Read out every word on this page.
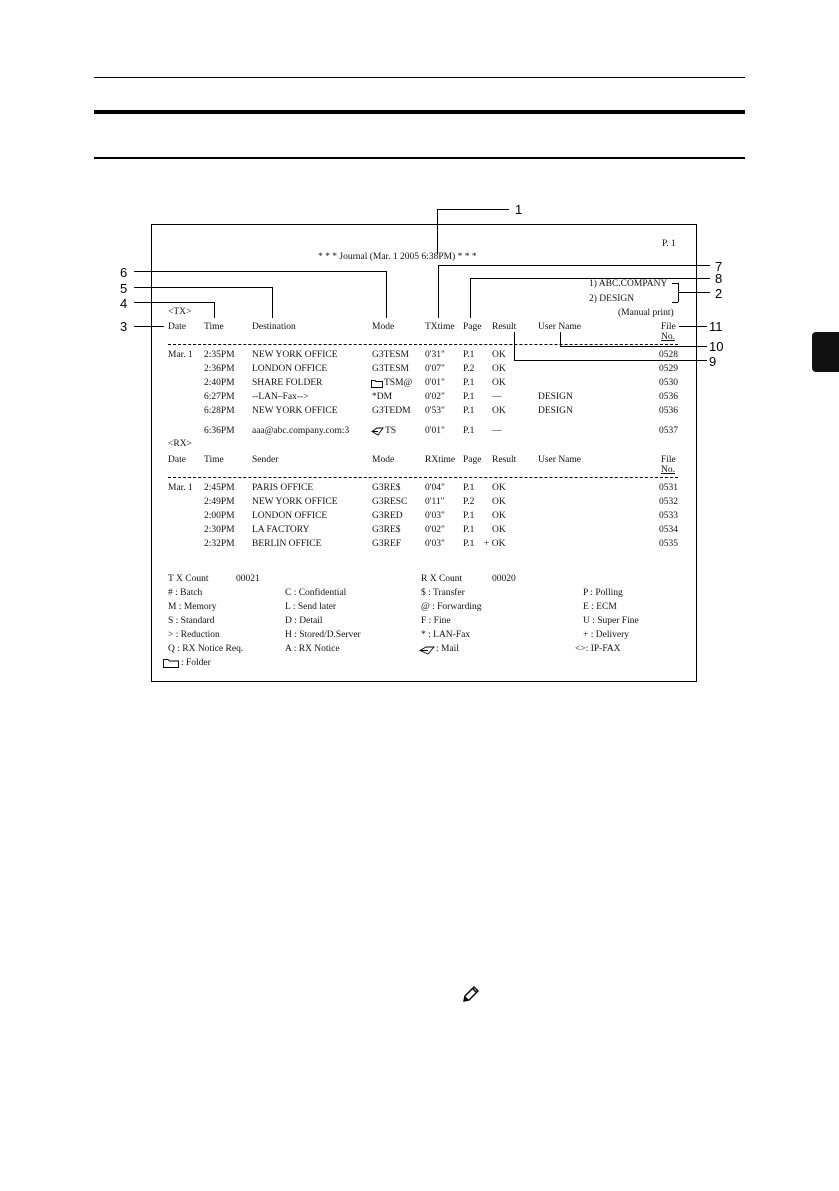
1
7
8
2
6
5
4
3	11
10
9
P. 1
* * * Journal (Mar. 1 2005 6:38PM) * * *
1) ABC.COMPANY
2) DESIGN
(Manual print)
<TX>
Date Time	Destination	Mode	TXtime Page Result User Name	File
No.
Mar. 1 2:35PM NEW YORK OFFICE	G3TESM 0'31" P.1 OK	0528
2:36PM LONDON OFFICE	G3TESM 0'07" P.2 OK	0529
2:40PM SHARE FOLDER	TSM@ 0'01" P.1 OK	0530
6:27PM --LAN–Fax-->	*DM	0'02" P.1 ––	DESIGN	0536
6:28PM NEW YORK OFFICE	G3TEDM 0'53" P.1 OK	DESIGN	0536
6:36PM aaa@abc.company.com:3	TS	0'01" P.1 ––	0537
<RX>
Date Time	Sender	Mode	RXtime Page Result User Name	File
No.
Mar. 1 2:45PM PARIS OFFICE	G3RE$	0'04" P.1 OK	0531
2:49PM NEW YORK OFFICE	G3RESC 0'11" P.2 OK	0532
2:00PM LONDON OFFICE	G3RED 0'03" P.1 OK	0533
2:30PM LA FACTORY	G3RE$	0'02" P.1 OK	0534
2:32PM BERLIN OFFICE	G3REF	0'03" P.1 + OK	0535
T X Count	00021	R X Count	00020
# : Batch	C : Confidential	$ : Transfer	P : Polling
M : Memory	L : Send later	@ : Forwarding	E : ECM
S : Standard	D : Detail	F : Fine	U : Super Fine
> : Reduction	H : Stored/D.Server	* : LAN-Fax	+ : Delivery
Q : RX Notice Req.	A : RX Notice	: Mail	<>: IP-FAX
: Folder
